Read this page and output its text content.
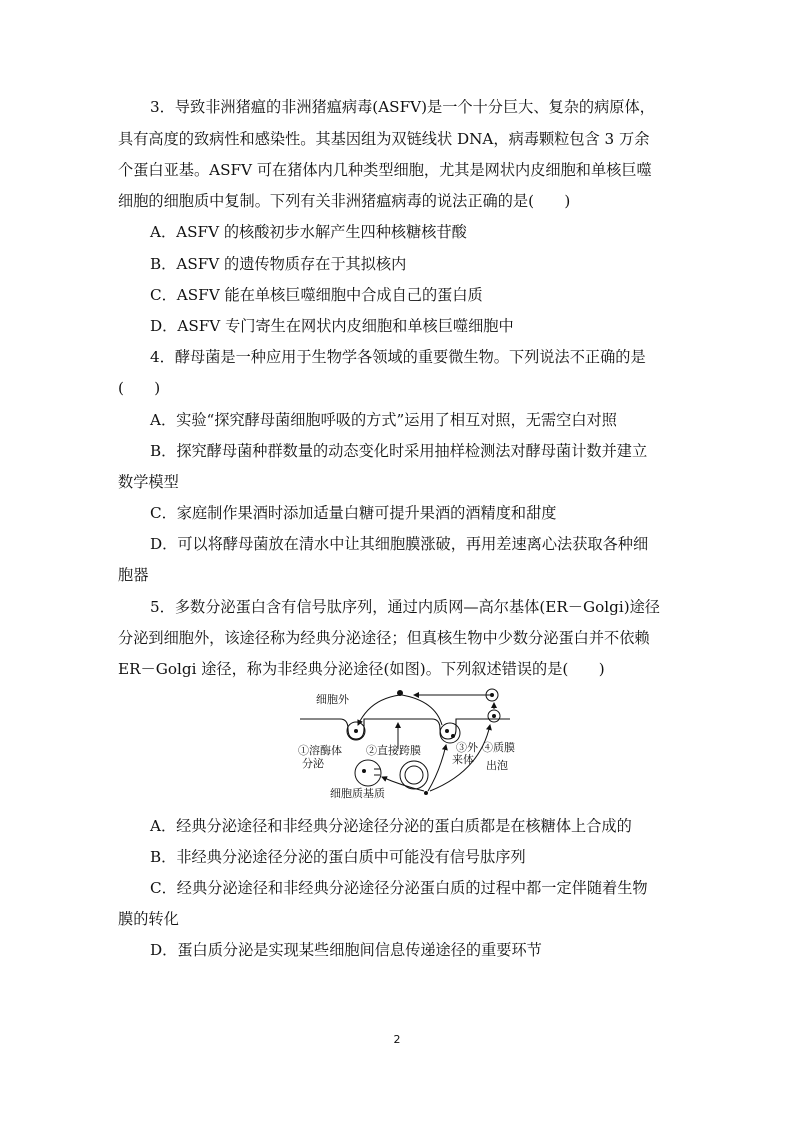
3．导致非洲猪瘟的非洲猪瘟病毒(ASFV)是一个十分巨大、复杂的病原体，
具有高度的致病性和感染性。其基因组为双链线状 DNA，病毒颗粒包含 3 万余
个蛋白亚基。ASFV 可在猪体内几种类型细胞，尤其是网状内皮细胞和单核巨噬
细胞的细胞质中复制。下列有关非洲猪瘟病毒的说法正确的是(　　)
A．ASFV 的核酸初步水解产生四种核糖核苷酸
B．ASFV 的遗传物质存在于其拟核内
C．ASFV 能在单核巨噬细胞中合成自己的蛋白质
D．ASFV 专门寄生在网状内皮细胞和单核巨噬细胞中
4．酵母菌是一种应用于生物学各领域的重要微生物。下列说法不正确的是
(　　)
A．实验“探究酵母菌细胞呼吸的方式”运用了相互对照，无需空白对照
B．探究酵母菌种群数量的动态变化时采用抽样检测法对酵母菌计数并建立
数学模型
C．家庭制作果酒时添加适量白糖可提升果酒的酒精度和甜度
D．可以将酵母菌放在清水中让其细胞膜涨破，再用差速离心法获取各种细
胞器
5．多数分泌蛋白含有信号肽序列，通过内质网—高尔基体(ER－Golgi)途径
分泌到细胞外，该途径称为经典分泌途径；但真核生物中少数分泌蛋白并不依赖
ER－Golgi 途径，称为非经典分泌途径(如图)。下列叙述错误的是(　　)
细胞外
①溶酶体
分泌
②直接跨膜	③外
来体
④质膜
出泡
细胞质基质
A．经典分泌途径和非经典分泌途径分泌的蛋白质都是在核糖体上合成的
B．非经典分泌途径分泌的蛋白质中可能没有信号肽序列
C．经典分泌途径和非经典分泌途径分泌蛋白质的过程中都一定伴随着生物
膜的转化
D．蛋白质分泌是实现某些细胞间信息传递途径的重要环节
2
